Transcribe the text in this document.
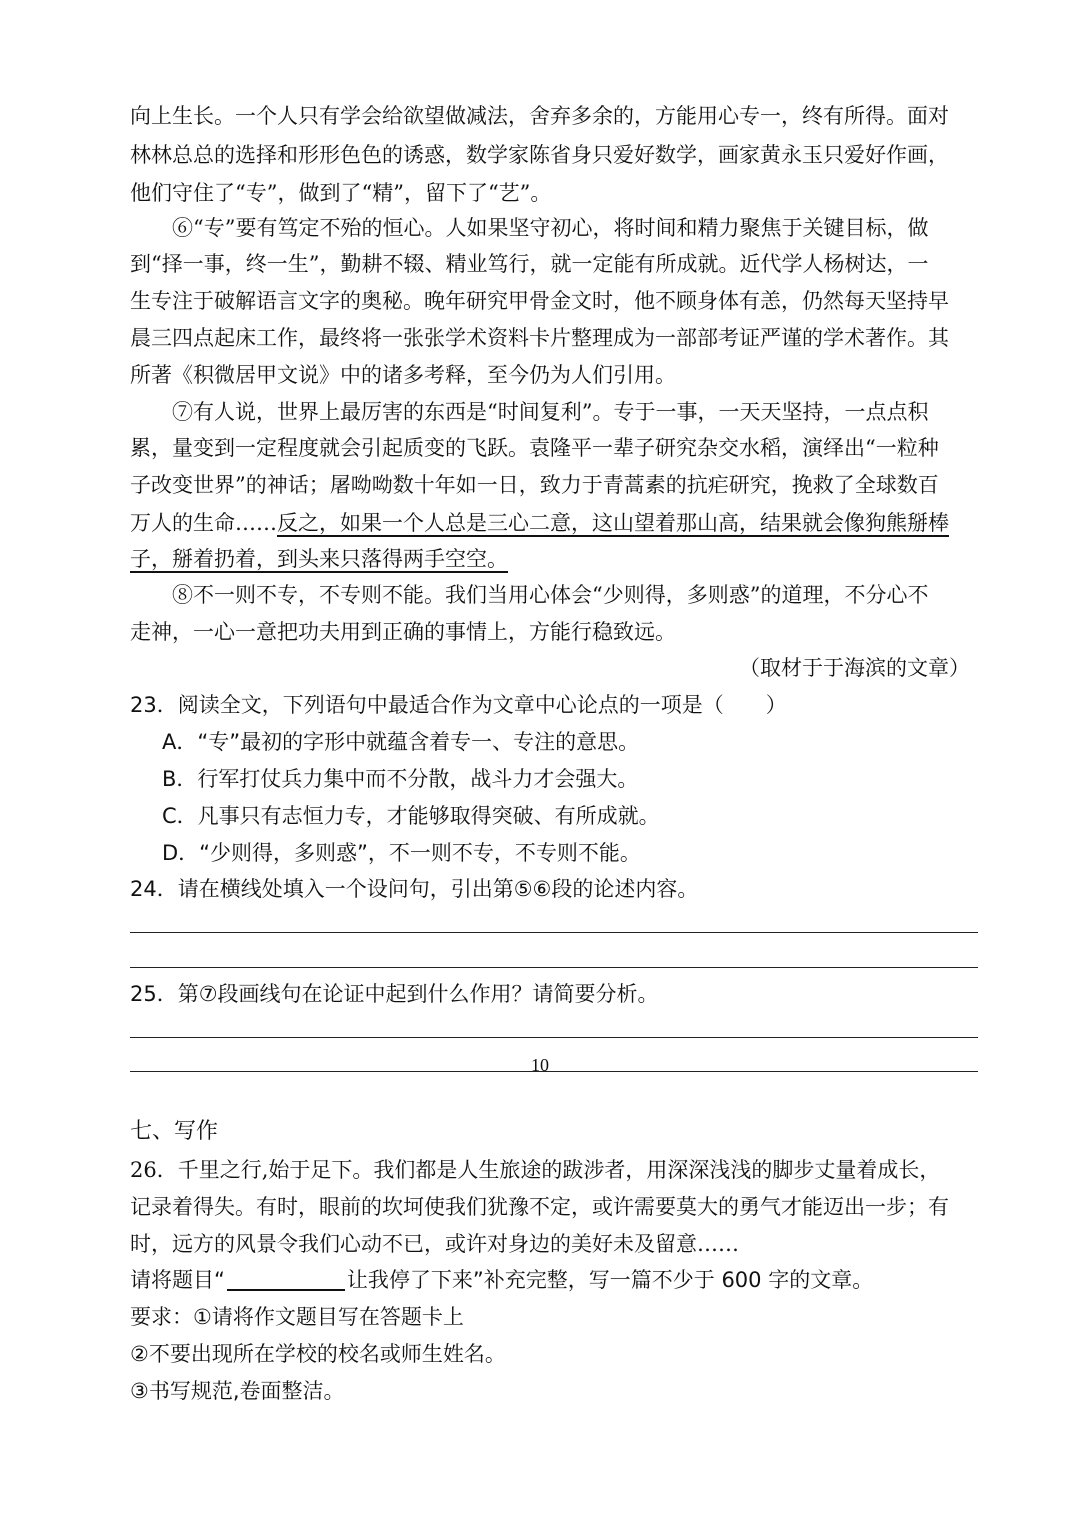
向上生长。一个人只有学会给欲望做减法，舍弃多余的，方能用心专一，终有所得。面对
林林总总的选择和形形色色的诱惑，数学家陈省身只爱好数学，画家黄永玉只爱好作画，
他们守住了“专”，做到了“精”，留下了“艺”。
⑥“专”要有笃定不殆的恒心。人如果坚守初心，将时间和精力聚焦于关键目标，做
到“择一事，终一生”，勤耕不辍、精业笃行，就一定能有所成就。近代学人杨树达，一
生专注于破解语言文字的奥秘。晚年研究甲骨金文时，他不顾身体有恙，仍然每天坚持早
晨三四点起床工作，最终将一张张学术资料卡片整理成为一部部考证严谨的学术著作。其
所著《积微居甲文说》中的诸多考释，至今仍为人们引用。
⑦有人说，世界上最厉害的东西是“时间复利”。专于一事，一天天坚持，一点点积
累，量变到一定程度就会引起质变的飞跃。袁隆平一辈子研究杂交水稻，演绎出“一粒种
子改变世界”的神话；屠呦呦数十年如一日，致力于青蒿素的抗疟研究，挽救了全球数百
万人的生命……反之，如果一个人总是三心二意，这山望着那山高，结果就会像狗熊掰棒
子，掰着扔着，到头来只落得两手空空。
⑧不一则不专，不专则不能。我们当用心体会“少则得，多则惑”的道理，不分心不
走神，一心一意把功夫用到正确的事情上，方能行稳致远。
（取材于于海滨的文章）
23．阅读全文，下列语句中最适合作为文章中心论点的一项是（　　）
A．“专”最初的字形中就蕴含着专一、专注的意思。
B．行军打仗兵力集中而不分散，战斗力才会强大。
C．凡事只有志恒力专，才能够取得突破、有所成就。
D．“少则得，多则惑”，不一则不专，不专则不能。
24．请在横线处填入一个设问句，引出第⑤⑥段的论述内容。
25．第⑦段画线句在论证中起到什么作用？请简要分析。
七、写作
26．千里之行,始于足下。我们都是人生旅途的跋涉者，用深深浅浅的脚步丈量着成长，
记录着得失。有时，眼前的坎坷使我们犹豫不定，或许需要莫大的勇气才能迈出一步；有
时，远方的风景令我们心动不已，或许对身边的美好未及留意……
请将题目“	让我停了下来”补充完整，写一篇不少于 600 字的文章。
要求：①请将作文题目写在答题卡上
②不要出现所在学校的校名或师生姓名。
③书写规范,卷面整洁。
10
